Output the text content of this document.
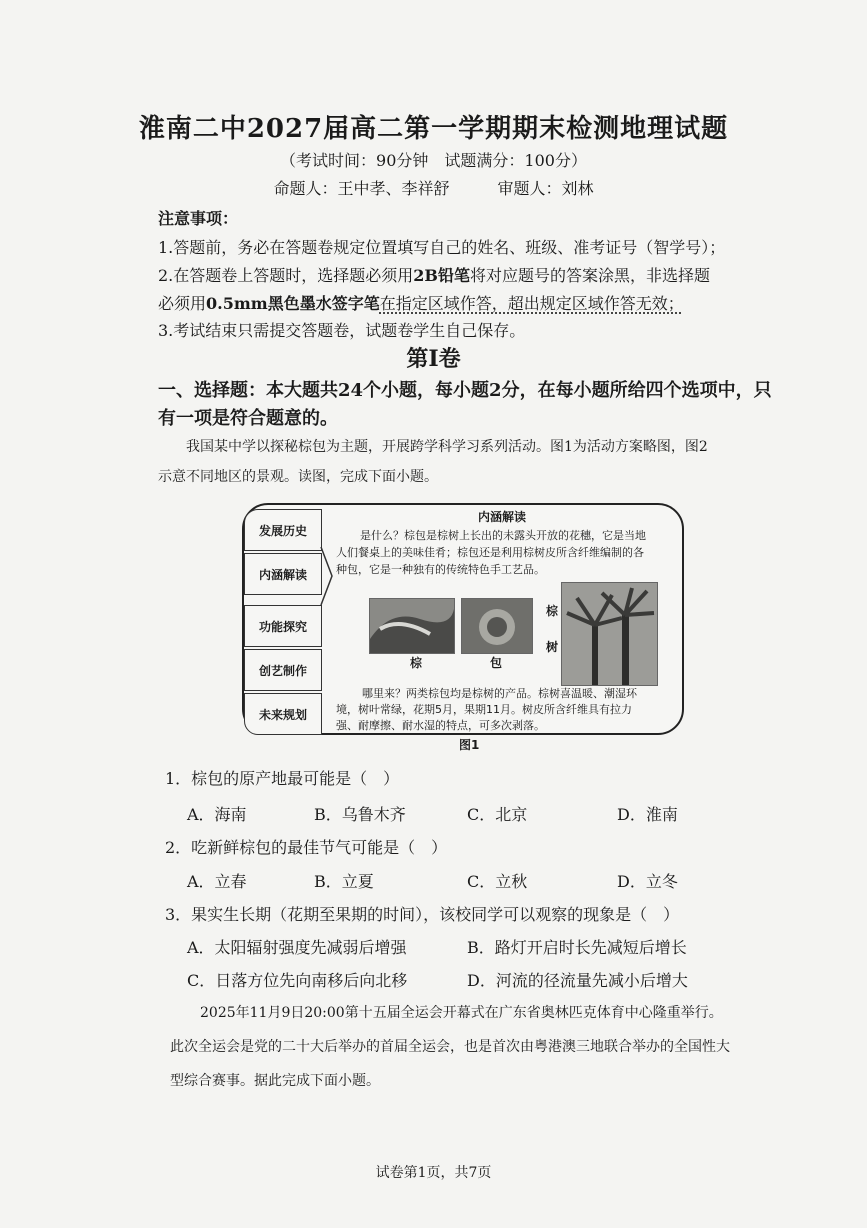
淮南二中2027届高二第一学期期末检测地理试题
（考试时间：90分钟　试题满分：100分）
命题人：王中孝、李祥舒　　　审题人：刘林
注意事项：
1.答题前，务必在答题卷规定位置填写自己的姓名、班级、准考证号（智学号）；
2.在答题卷上答题时，选择题必须用2B铅笔将对应题号的答案涂黑，非选择题
必须用0.5mm黑色墨水签字笔在指定区域作答，超出规定区域作答无效；
3.考试结束只需提交答题卷，试题卷学生自己保存。
第Ⅰ卷
一、选择题：本大题共24个小题，每小题2分，在每小题所给四个选项中，只
有一项是符合题意的。
我国某中学以探秘棕包为主题，开展跨学科学习系列活动。图1为活动方案略图，图2
示意不同地区的景观。读图，完成下面小题。
发展历史
内涵解读
功能探究
创艺制作
未来规划
内涵解读
是什么？棕包是棕树上长出的未露头开放的花穗，它是当地
人们餐桌上的美味佳肴；棕包还是利用棕树皮所含纤维编制的各
种包，它是一种独有的传统特色手工艺品。
棕	包
棕
树
哪里来？两类棕包均是棕树的产品。棕树喜温暖、潮湿环
境，树叶常绿，花期5月，果期11月。树皮所含纤维具有拉力
强、耐摩擦、耐水湿的特点，可多次剥落。
图1
1．棕包的原产地最可能是（　）
A．海南	B．乌鲁木齐	C．北京	D．淮南
2．吃新鲜棕包的最佳节气可能是（　）
A．立春	B．立夏	C．立秋	D．立冬
3．果实生长期（花期至果期的时间），该校同学可以观察的现象是（　）
A．太阳辐射强度先减弱后增强	B．路灯开启时长先减短后增长
C．日落方位先向南移后向北移	D．河流的径流量先减小后增大
2025年11月9日20:00第十五届全运会开幕式在广东省奥林匹克体育中心隆重举行。
此次全运会是党的二十大后举办的首届全运会，也是首次由粤港澳三地联合举办的全国性大
型综合赛事。据此完成下面小题。
试卷第1页，共7页
